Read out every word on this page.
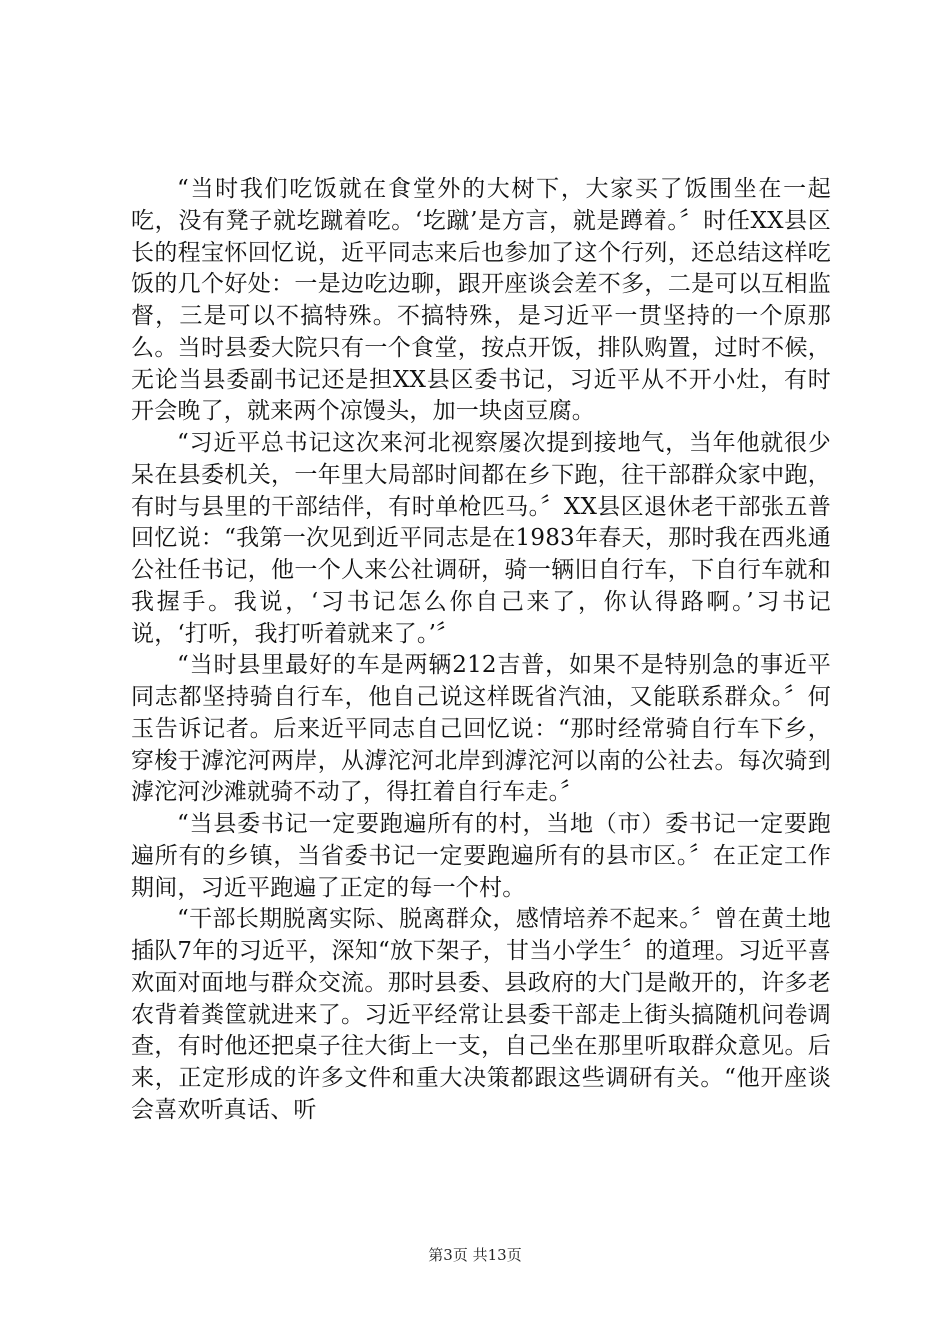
“当时我们吃饭就在食堂外的大树下，大家买了饭围坐在一起吃，没有凳子就圪蹴着吃。‘圪蹴’是方言，就是蹲着。〞时任XX县区长的程宝怀回忆说，近平同志来后也参加了这个行列，还总结这样吃饭的几个好处：一是边吃边聊，跟开座谈会差不多，二是可以互相监督，三是可以不搞特殊。不搞特殊，是习近平一贯坚持的一个原那么。当时县委大院只有一个食堂，按点开饭，排队购置，过时不候，无论当县委副书记还是担XX县区委书记，习近平从不开小灶，有时开会晚了，就来两个凉馒头，加一块卤豆腐。

“习近平总书记这次来河北视察屡次提到接地气，当年他就很少呆在县委机关，一年里大局部时间都在乡下跑，往干部群众家中跑，有时与县里的干部结伴，有时单枪匹马。〞XX县区退休老干部张五普回忆说：“我第一次见到近平同志是在1983年春天，那时我在西兆通公社任书记，他一个人来公社调研，骑一辆旧自行车，下自行车就和我握手。我说，‘习书记怎么你自己来了，你认得路啊。’习书记说，‘打听，我打听着就来了。’〞

“当时县里最好的车是两辆212吉普，如果不是特别急的事近平同志都坚持骑自行车，他自己说这样既省汽油，又能联系群众。〞何玉告诉记者。后来近平同志自己回忆说：“那时经常骑自行车下乡，穿梭于滹沱河两岸，从滹沱河北岸到滹沱河以南的公社去。每次骑到滹沱河沙滩就骑不动了，得扛着自行车走。〞

“当县委书记一定要跑遍所有的村，当地（市）委书记一定要跑遍所有的乡镇，当省委书记一定要跑遍所有的县市区。〞在正定工作期间，习近平跑遍了正定的每一个村。

“干部长期脱离实际、脱离群众，感情培养不起来。〞曾在黄土地插队7年的习近平，深知“放下架子，甘当小学生〞的道理。习近平喜欢面对面地与群众交流。那时县委、县政府的大门是敞开的，许多老农背着粪筐就进来了。习近平经常让县委干部走上街头搞随机问卷调查，有时他还把桌子往大街上一支，自己坐在那里听取群众意见。后来，正定形成的许多文件和重大决策都跟这些调研有关。“他开座谈会喜欢听真话、听

第3页 共13页
